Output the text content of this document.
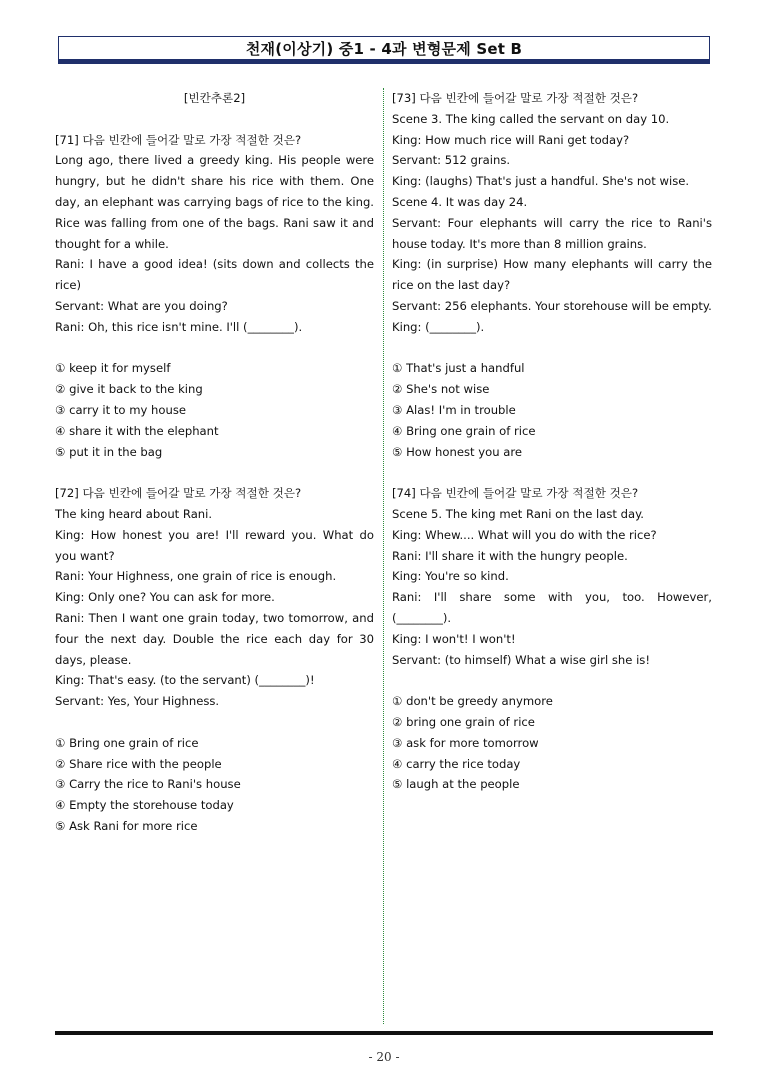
천재(이상기) 중1 - 4과 변형문제 Set B

[빈칸추론2]

[71] 다음 빈칸에 들어갈 말로 가장 적절한 것은?

Long ago, there lived a greedy king. His people were hungry, but he didn't share his rice with them. One day, an elephant was carrying bags of rice to the king. Rice was falling from one of the bags. Rani saw it and thought for a while.

Rani: I have a good idea! (sits down and collects the rice)

Servant: What are you doing?

Rani: Oh, this rice isn't mine. I'll (________).

① keep it for myself

② give it back to the king

③ carry it to my house

④ share it with the elephant

⑤ put it in the bag

[72] 다음 빈칸에 들어갈 말로 가장 적절한 것은?

The king heard about Rani.

King: How honest you are! I'll reward you. What do you want?

Rani: Your Highness, one grain of rice is enough.

King: Only one? You can ask for more.

Rani: Then I want one grain today, two tomorrow, and four the next day. Double the rice each day for 30 days, please.

King: That's easy. (to the servant) (________)!

Servant: Yes, Your Highness.

① Bring one grain of rice

② Share rice with the people

③ Carry the rice to Rani's house

④ Empty the storehouse today

⑤ Ask Rani for more rice

[73] 다음 빈칸에 들어갈 말로 가장 적절한 것은?

Scene 3. The king called the servant on day 10.

King: How much rice will Rani get today?

Servant: 512 grains.

King: (laughs) That's just a handful. She's not wise.

Scene 4. It was day 24.

Servant: Four elephants will carry the rice to Rani's house today. It's more than 8 million grains.

King: (in surprise) How many elephants will carry the rice on the last day?

Servant: 256 elephants. Your storehouse will be empty.

King: (________).

① That's just a handful

② She's not wise

③ Alas! I'm in trouble

④ Bring one grain of rice

⑤ How honest you are

[74] 다음 빈칸에 들어갈 말로 가장 적절한 것은?

Scene 5. The king met Rani on the last day.

King: Whew.... What will you do with the rice?

Rani: I'll share it with the hungry people.

King: You're so kind.

Rani: I'll share some with you, too. However, (________).

King: I won't! I won't!

Servant: (to himself) What a wise girl she is!

① don't be greedy anymore

② bring one grain of rice

③ ask for more tomorrow

④ carry the rice today

⑤ laugh at the people

- 20 -
